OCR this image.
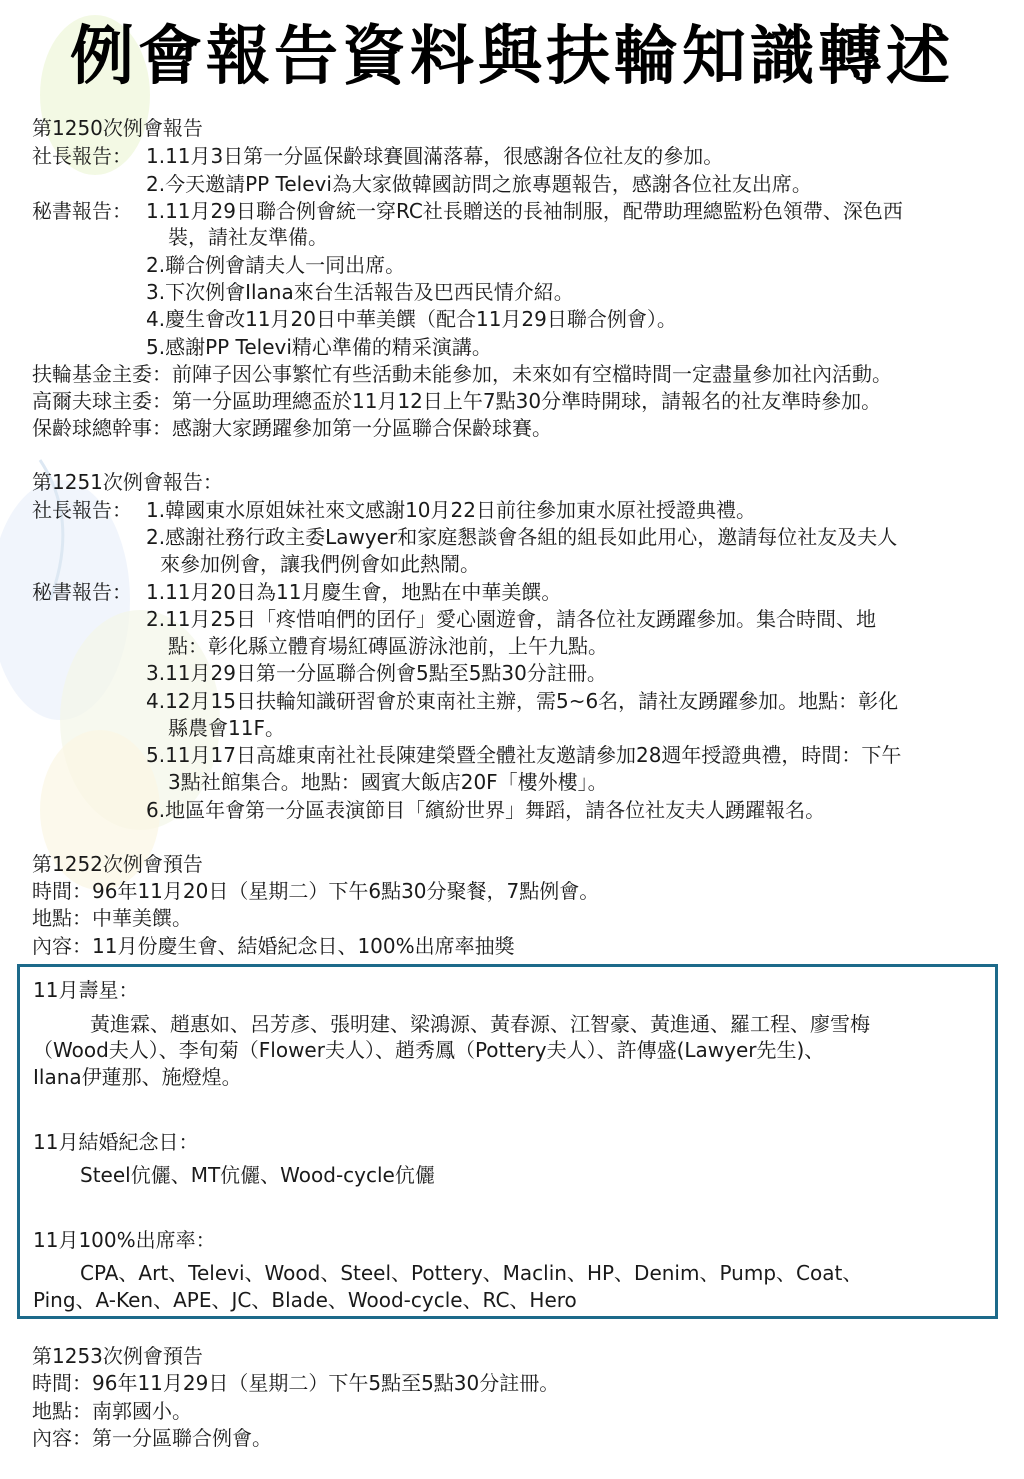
例會報告資料與扶輪知識轉述
第1250次例會報告
社長報告： 1.11月3日第一分區保齡球賽圓滿落幕，很感謝各位社友的參加。
2.今天邀請PP Televi為大家做韓國訪問之旅專題報告，感謝各位社友出席。
秘書報告： 1.11月29日聯合例會統一穿RC社長贈送的長袖制服，配帶助理總監粉色領帶、深色西
裝，請社友準備。
2.聯合例會請夫人一同出席。
3.下次例會Ilana來台生活報告及巴西民情介紹。
4.慶生會改11月20日中華美饌（配合11月29日聯合例會）。
5.感謝PP Televi精心準備的精采演講。
扶輪基金主委：前陣子因公事繁忙有些活動未能參加，未來如有空檔時間一定盡量參加社內活動。
高爾夫球主委：第一分區助理總盃於11月12日上午7點30分準時開球，請報名的社友準時參加。
保齡球總幹事：感謝大家踴躍參加第一分區聯合保齡球賽。
第1251次例會報告：
社長報告： 1.韓國東水原姐妹社來文感謝10月22日前往參加東水原社授證典禮。
2.感謝社務行政主委Lawyer和家庭懇談會各組的組長如此用心，邀請每位社友及夫人
來參加例會，讓我們例會如此熱鬧。
秘書報告： 1.11月20日為11月慶生會，地點在中華美饌。
2.11月25日「疼惜咱們的囝仔」愛心園遊會，請各位社友踴躍參加。集合時間、地
點：彰化縣立體育場紅磚區游泳池前，上午九點。
3.11月29日第一分區聯合例會5點至5點30分註冊。
4.12月15日扶輪知識研習會於東南社主辦，需5~6名，請社友踴躍參加。地點：彰化
縣農會11F。
5.11月17日高雄東南社社長陳建榮暨全體社友邀請參加28週年授證典禮，時間：下午
3點社館集合。地點：國賓大飯店20F「樓外樓」。
6.地區年會第一分區表演節目「繽紛世界」舞蹈，請各位社友夫人踴躍報名。
第1252次例會預告
時間：96年11月20日（星期二）下午6點30分聚餐，7點例會。
地點：中華美饌。
內容：11月份慶生會、結婚紀念日、100%出席率抽獎
11月壽星：
黃進霖、趙惠如、呂芳彥、張明建、梁鴻源、黃春源、江智豪、黃進通、羅工程、廖雪梅
（Wood夫人）、李旬菊（Flower夫人）、趙秀鳳（Pottery夫人）、許傳盛(Lawyer先生)、
Ilana伊蓮那、施燈煌。
11月結婚紀念日：
Steel伉儷、MT伉儷、Wood-cycle伉儷
11月100%出席率：
CPA、Art、Televi、Wood、Steel、Pottery、Maclin、HP、Denim、Pump、Coat、
Ping、A-Ken、APE、JC、Blade、Wood-cycle、RC、Hero
第1253次例會預告
時間：96年11月29日（星期二）下午5點至5點30分註冊。
地點：南郭國小。
內容：第一分區聯合例會。
